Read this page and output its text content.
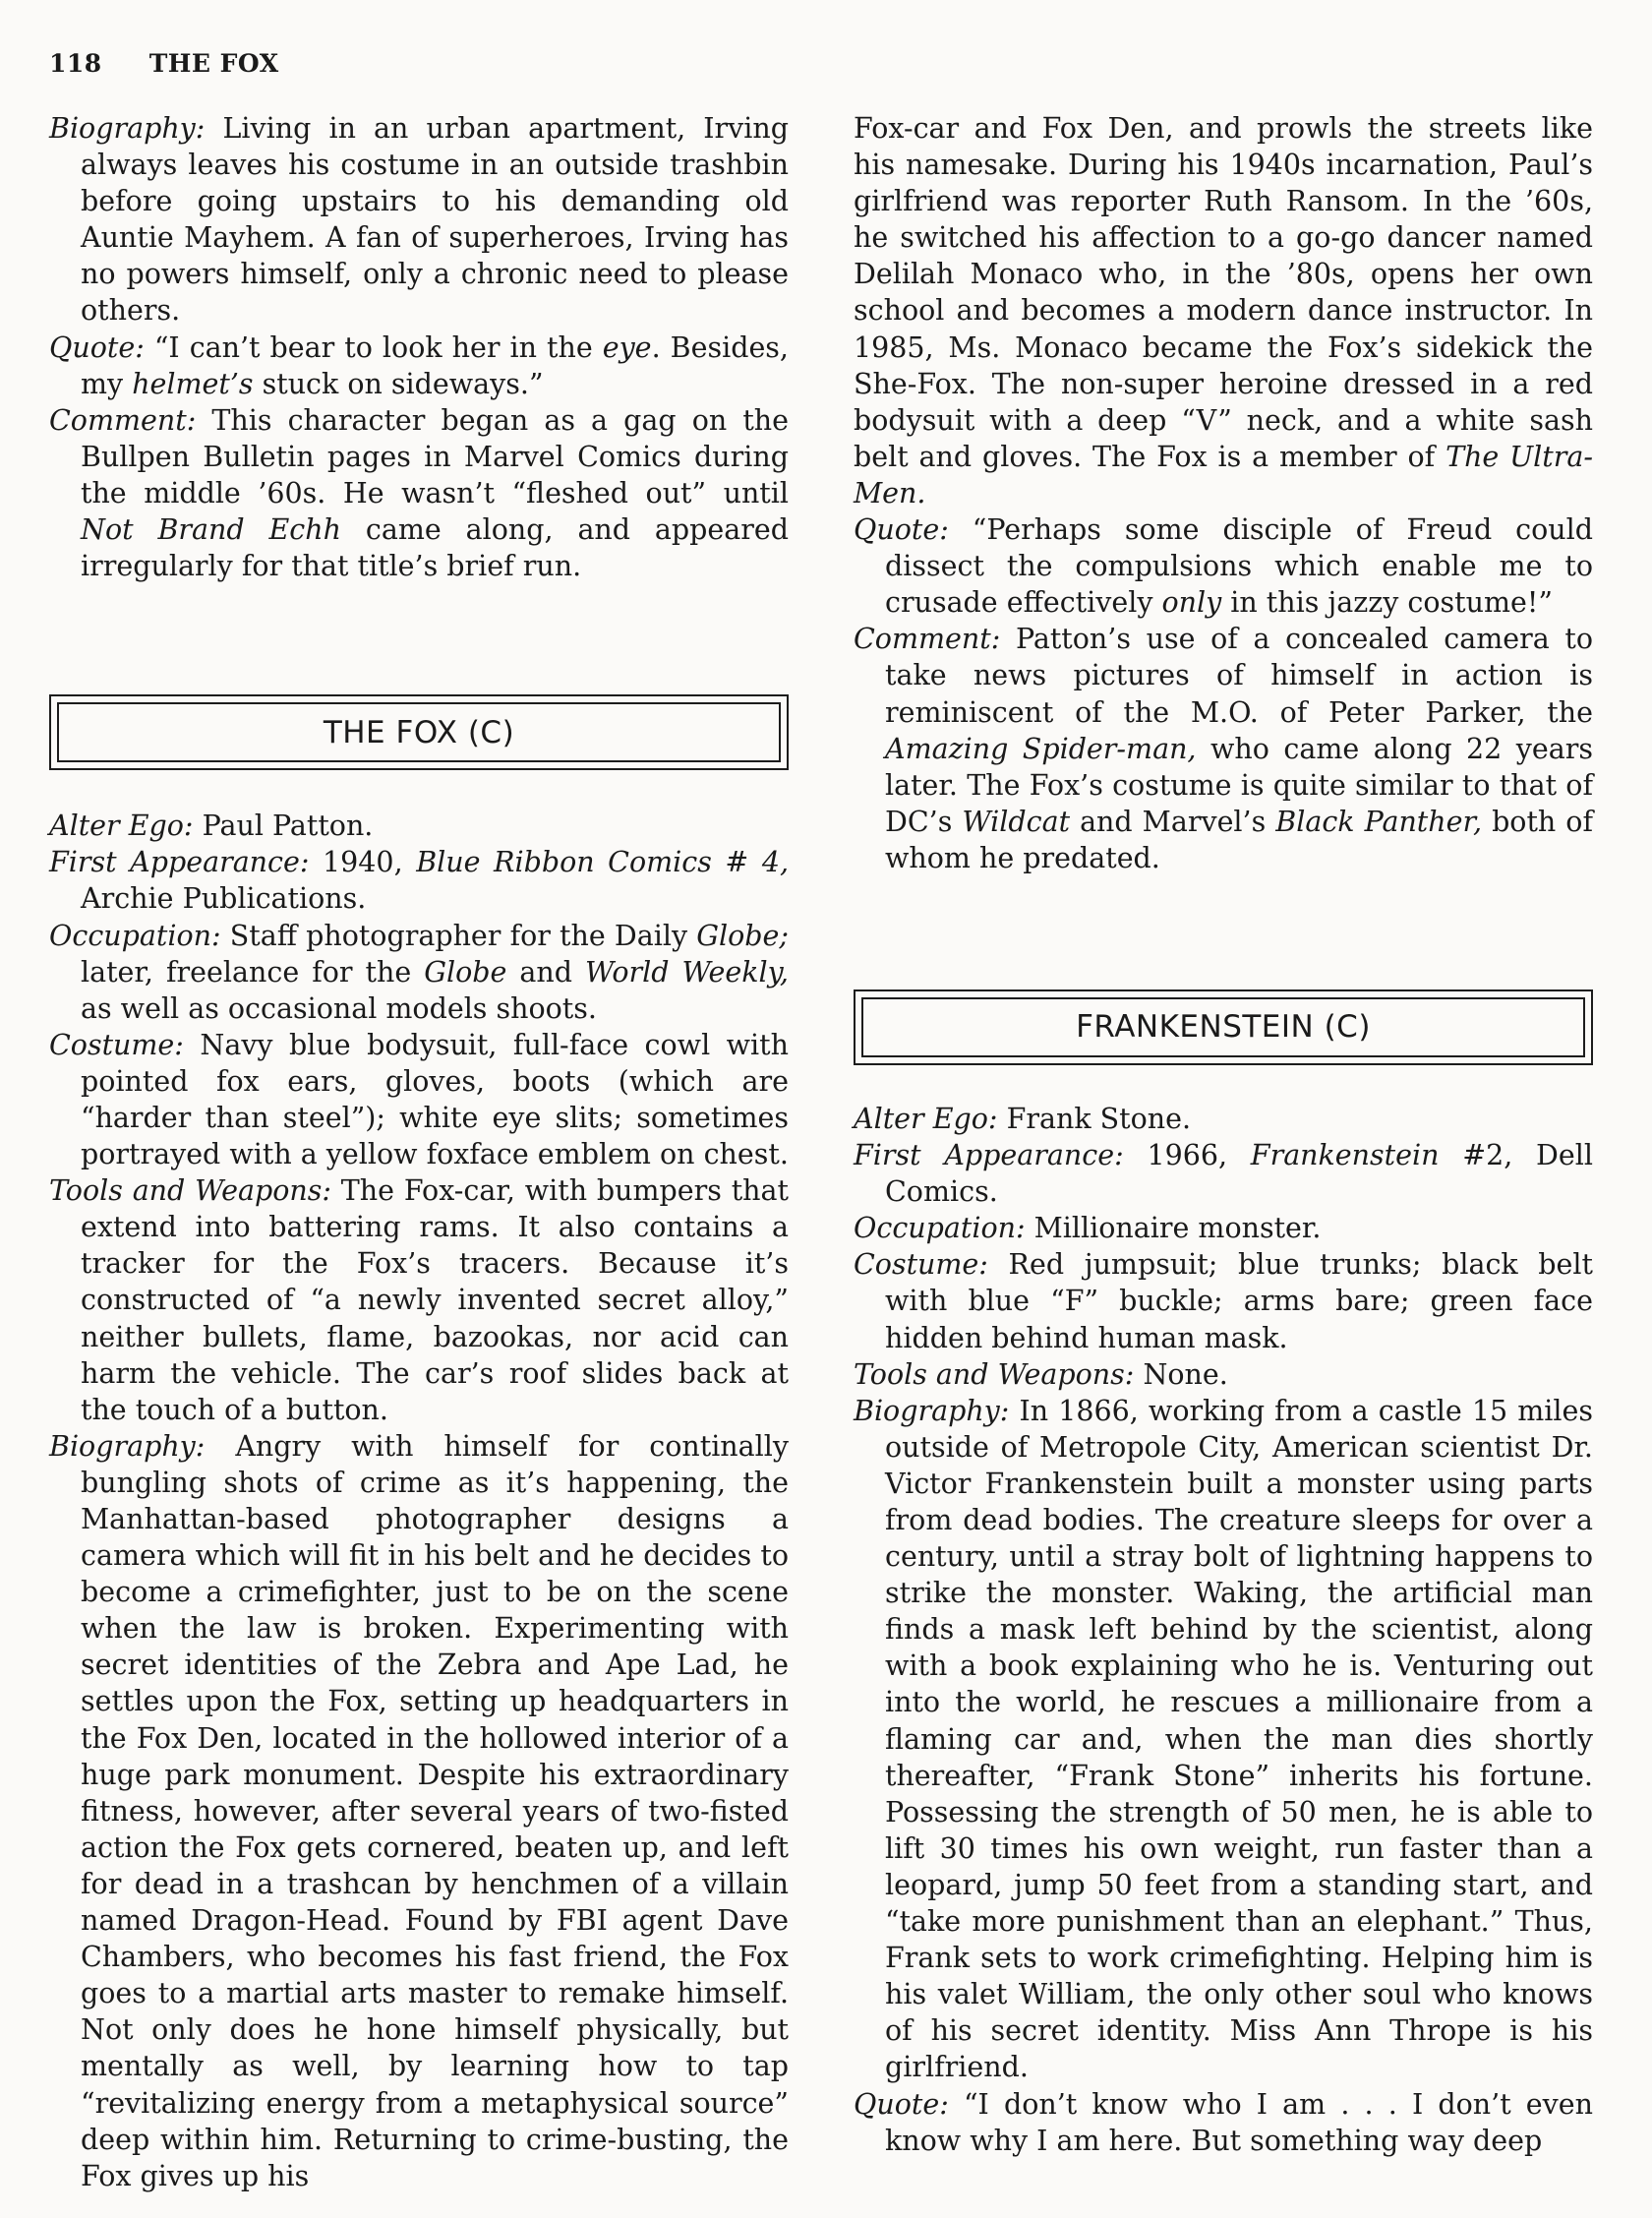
118 THE FOX
Biography: Living in an urban apartment, Irving always leaves his costume in an outside trashbin before going upstairs to his demanding old Auntie Mayhem. A fan of superheroes, Irving has no powers himself, only a chronic need to please others.
Quote: “I can’t bear to look her in the eye. Besides, my helmet’s stuck on sideways.”
Comment: This character began as a gag on the Bullpen Bulletin pages in Marvel Comics during the middle ’60s. He wasn’t “fleshed out” until Not Brand Echh came along, and appeared irregularly for that title’s brief run.
THE FOX (C)
Alter Ego: Paul Patton.
First Appearance: 1940, Blue Ribbon Comics # 4, Archie Publications.
Occupation: Staff photographer for the Daily Globe; later, freelance for the Globe and World Weekly, as well as occasional models shoots.
Costume: Navy blue bodysuit, full-face cowl with pointed fox ears, gloves, boots (which are “harder than steel”); white eye slits; sometimes portrayed with a yellow foxface emblem on chest.
Tools and Weapons: The Fox-car, with bumpers that extend into battering rams. It also contains a tracker for the Fox’s tracers. Because it’s constructed of “a newly invented secret alloy,” neither bullets, flame, bazookas, nor acid can harm the vehicle. The car’s roof slides back at the touch of a button.
Biography: Angry with himself for continally bungling shots of crime as it’s happening, the Manhattan-based photographer designs a camera which will fit in his belt and he decides to become a crimefighter, just to be on the scene when the law is broken. Experimenting with secret identities of the Zebra and Ape Lad, he settles upon the Fox, setting up headquarters in the Fox Den, located in the hollowed interior of a huge park monument. Despite his extraordinary fitness, however, after several years of two-fisted action the Fox gets cornered, beaten up, and left for dead in a trashcan by henchmen of a villain named Dragon-Head. Found by FBI agent Dave Chambers, who becomes his fast friend, the Fox goes to a martial arts master to remake himself. Not only does he hone himself physically, but mentally as well, by learning how to tap “revitalizing energy from a metaphysical source” deep within him. Returning to crime-busting, the Fox gives up his
Fox-car and Fox Den, and prowls the streets like his namesake. During his 1940s incarnation, Paul’s girlfriend was reporter Ruth Ransom. In the ’60s, he switched his affection to a go-go dancer named Delilah Monaco who, in the ’80s, opens her own school and becomes a modern dance instructor. In 1985, Ms. Monaco became the Fox’s sidekick the She-Fox. The non-super heroine dressed in a red bodysuit with a deep “V” neck, and a white sash belt and gloves. The Fox is a member of The Ultra-Men.
Quote: “Perhaps some disciple of Freud could dissect the compulsions which enable me to crusade effectively only in this jazzy costume!”
Comment: Patton’s use of a concealed camera to take news pictures of himself in action is reminiscent of the M.O. of Peter Parker, the Amazing Spider-man, who came along 22 years later. The Fox’s costume is quite similar to that of DC’s Wildcat and Marvel’s Black Panther, both of whom he predated.
FRANKENSTEIN (C)
Alter Ego: Frank Stone.
First Appearance: 1966, Frankenstein #2, Dell Comics.
Occupation: Millionaire monster.
Costume: Red jumpsuit; blue trunks; black belt with blue “F” buckle; arms bare; green face hidden behind human mask.
Tools and Weapons: None.
Biography: In 1866, working from a castle 15 miles outside of Metropole City, American scientist Dr. Victor Frankenstein built a monster using parts from dead bodies. The creature sleeps for over a century, until a stray bolt of lightning happens to strike the monster. Waking, the artificial man finds a mask left behind by the scientist, along with a book explaining who he is. Venturing out into the world, he rescues a millionaire from a flaming car and, when the man dies shortly thereafter, “Frank Stone” inherits his fortune. Possessing the strength of 50 men, he is able to lift 30 times his own weight, run faster than a leopard, jump 50 feet from a standing start, and “take more punishment than an elephant.” Thus, Frank sets to work crimefighting. Helping him is his valet William, the only other soul who knows of his secret identity. Miss Ann Thrope is his girlfriend.
Quote: “I don’t know who I am . . . I don’t even know why I am here. But something way deep
